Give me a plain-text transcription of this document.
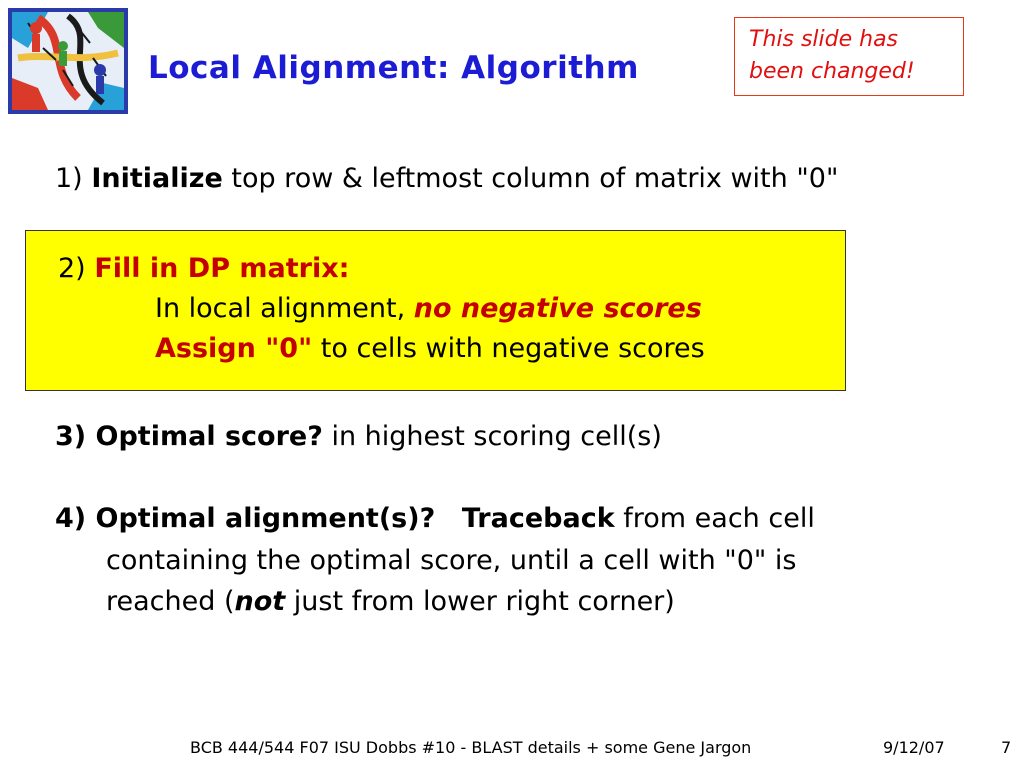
Local Alignment: Algorithm
This slide has
been changed!

1) Initialize top row & leftmost column of matrix with "0"

2) Fill in DP matrix:

In local alignment, no negative scores

Assign "0" to cells with negative scores

3) Optimal score? in highest scoring cell(s)

4) Optimal alignment(s)? Traceback from each cell

containing the optimal score, until a cell with "0" is

reached (not just from lower right corner)

BCB 444/544 F07 ISU Dobbs #10 - BLAST details + some Gene Jargon	9/12/07	7
